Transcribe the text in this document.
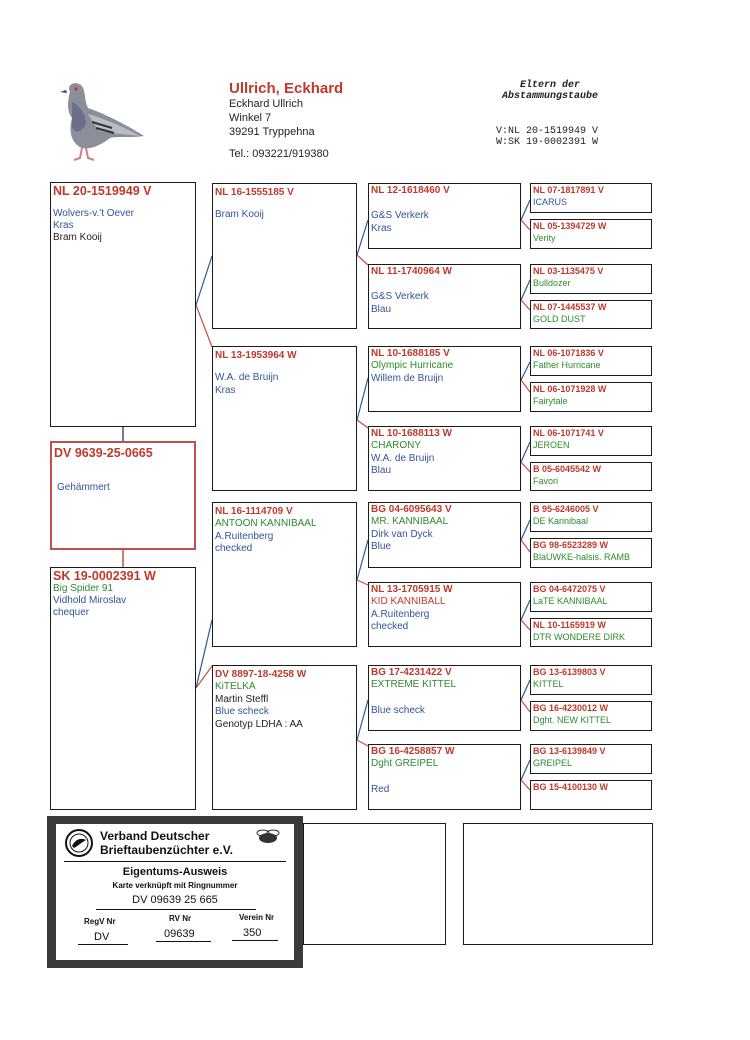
Ullrich, Eckhard
Eckhard Ullrich
Winkel 7
39291 Tryppehna
Tel.: 093221/919380
Eltern der
Abstammungstaube
V:NL 20-1519949 V
W:SK 19-0002391 W
NL 20-1519949 V
Wolvers-v.'t Oever
Kras
Bram Kooij
DV 9639-25-0665
Gehämmert
SK 19-0002391 W
Big Spider 91
Vidhold Miroslav
chequer
NL 16-1555185 V
Bram Kooij
NL 13-1953964 W
W.A. de Bruijn
Kras
NL 16-1114709 V
ANTOON KANNIBAAL
A.Ruitenberg
checked
DV 8897-18-4258 W
KiTELKA
Martin Steffl
Blue scheck
Genotyp LDHA : AA
NL 12-1618460 V
G&S Verkerk
Kras
NL 11-1740964 W
G&S Verkerk
Blau
NL 10-1688185 V
Olympic Hurricane
Willem de Bruijn
NL 10-1688113 W
CHARONY
W.A. de Bruijn
Blau
BG 04-6095643 V
MR. KANNIBAAL
Dirk van Dyck
Blue
NL 13-1705915 W
KID KANNIBALL
A.Ruitenberg
checked
BG 17-4231422 V
EXTREME KITTEL
Blue scheck
BG 16-4258857 W
Dght GREIPEL
Red
NL 07-1817891 V
ICARUS
NL 05-1394729 W
Verity
NL 03-1135475 V
Bulldozer
NL 07-1445537 W
GOLD DUST
NL 06-1071836 V
Father Hurricane
NL 06-1071928 W
Fairytale
NL 06-1071741 V
JEROEN
B 05-6045542 W
Favori
B 95-6246005 V
DE Kannibaal
BG 98-6523289 W
BlaUWKE-halsis. RAMB
BG 04-6472075 V
LaTE KANNIBAAL
NL 10-1165919 W
DTR WONDERE DIRK
BG 13-6139803 V
KITTEL
BG 16-4230012 W
Dght. NEW KITTEL
BG 13-6139849 V
GREIPEL
BG 15-4100130 W
Verband Deutscher
Brieftaubenzüchter e.V.
Eigentums-Ausweis
Karte verknüpft mit Ringnummer
DV 09639 25 665
RegV Nr	RV Nr	Verein Nr
DV	09639	350
